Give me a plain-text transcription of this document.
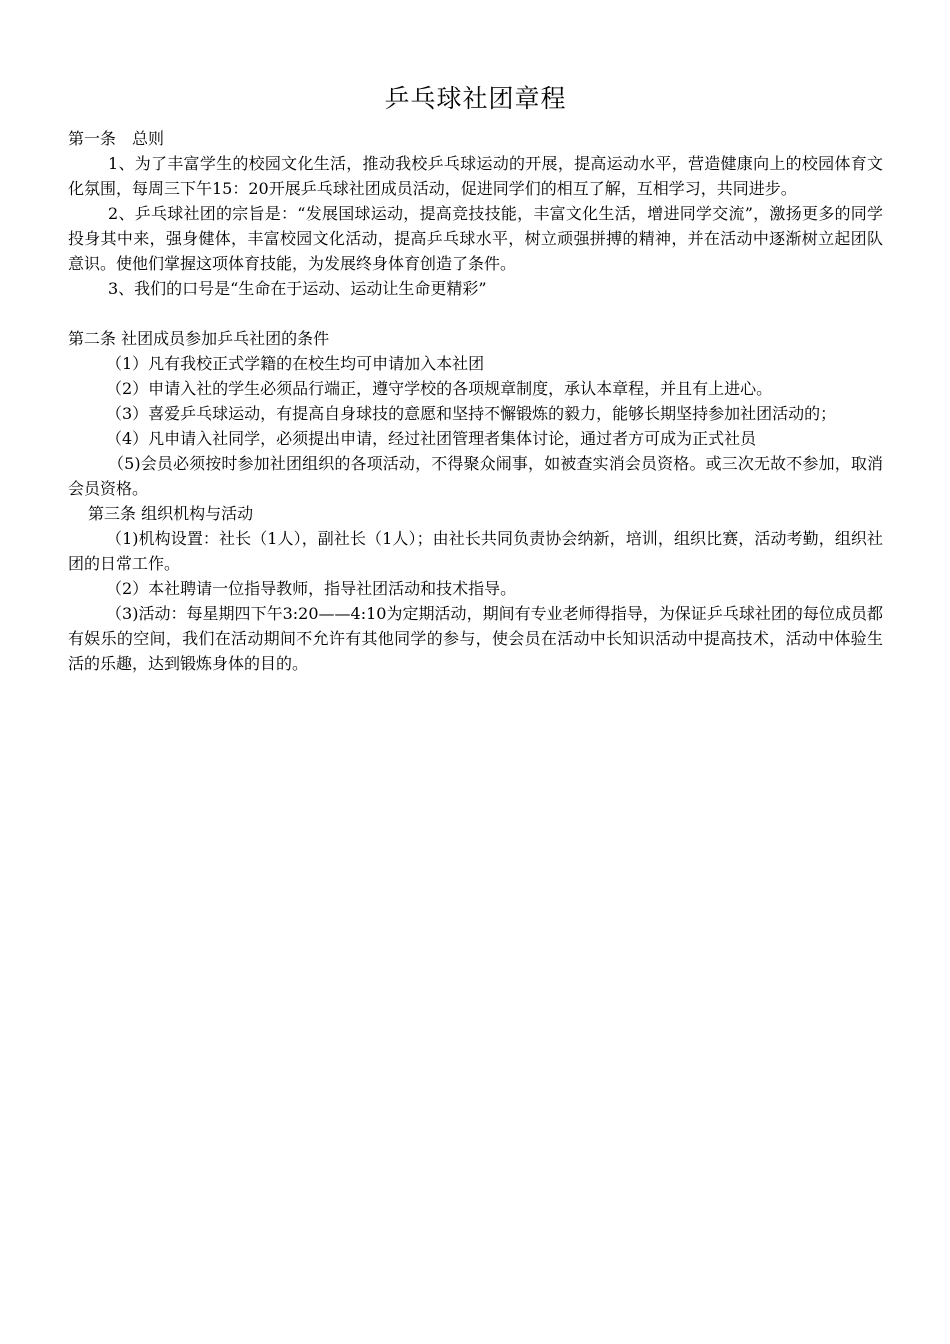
乒乓球社团章程

第一条　总则

1、为了丰富学生的校园文化生活，推动我校乒乓球运动的开展，提高运动水平，营造健康向上的校园体育文化氛围，每周三下午15：20开展乒乓球社团成员活动，促进同学们的相互了解，互相学习，共同进步。

2、乒乓球社团的宗旨是：“发展国球运动，提高竞技技能，丰富文化生活，增进同学交流”，激扬更多的同学投身其中来，强身健体，丰富校园文化活动，提高乒乓球水平，树立顽强拼搏的精神，并在活动中逐渐树立起团队意识。使他们掌握这项体育技能，为发展终身体育创造了条件。

3、我们的口号是“生命在于运动、运动让生命更精彩”

第二条 社团成员参加乒乓社团的条件

（1）凡有我校正式学籍的在校生均可申请加入本社团

（2）申请入社的学生必须品行端正，遵守学校的各项规章制度，承认本章程，并且有上进心。

（3）喜爱乒乓球运动，有提高自身球技的意愿和坚持不懈锻炼的毅力，能够长期坚持参加社团活动的；

（4）凡申请入社同学，必须提出申请，经过社团管理者集体讨论，通过者方可成为正式社员

（5)会员必须按时参加社团组织的各项活动，不得聚众闹事，如被查实消会员资格。或三次无故不参加，取消会员资格。

第三条 组织机构与活动

（1)机构设置：社长（1人），副社长（1人）；由社长共同负责协会纳新，培训，组织比赛，活动考勤，组织社团的日常工作。

（2）本社聘请一位指导教师，指导社团活动和技术指导。

（3)活动：每星期四下午3:20——4:10为定期活动，期间有专业老师得指导，为保证乒乓球社团的每位成员都有娱乐的空间，我们在活动期间不允许有其他同学的参与，使会员在活动中长知识活动中提高技术，活动中体验生活的乐趣，达到锻炼身体的目的。
